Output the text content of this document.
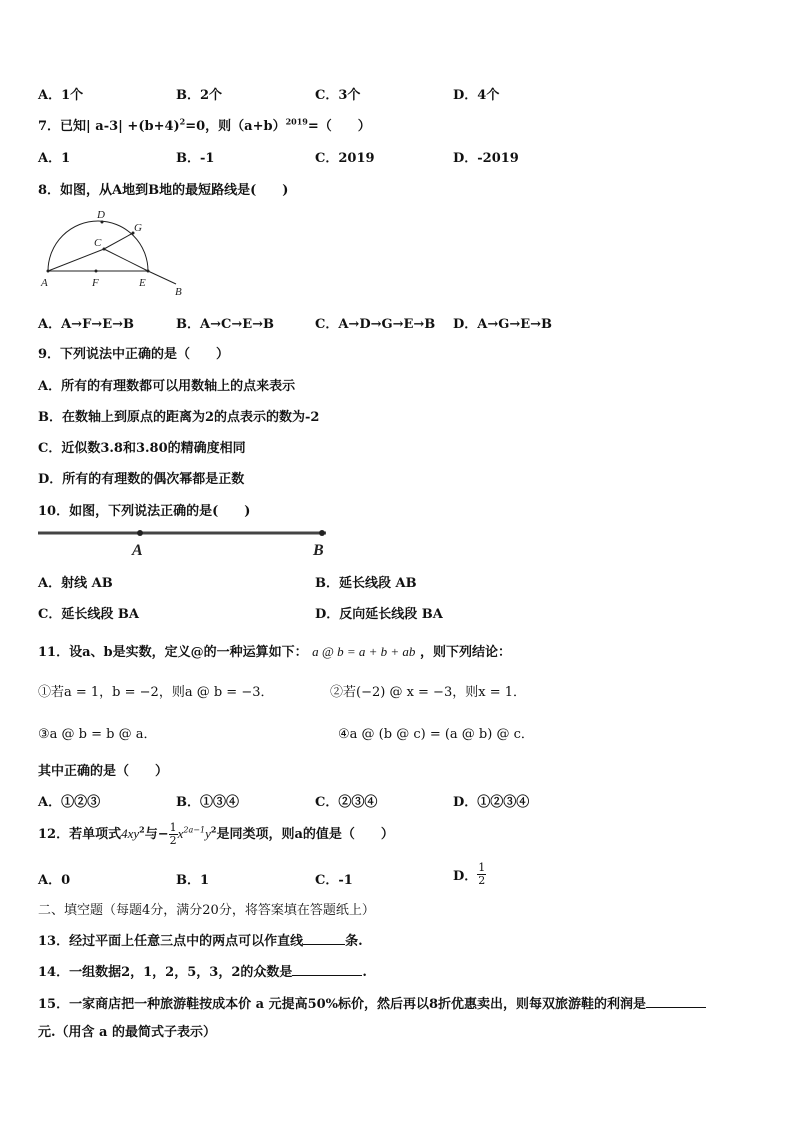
A．1个	B．2个	C．3个	D．4个
7．已知| $a-3| +(b+4)^2=0$，则$(a+b)^{2019}=$（　　）
A．1	B．-1	C．2019	D．-2019
8．如图，从A地到B地的最短路线是(　　)
A	F	E
B
C
D
G
A．A→F→E→B	B．A→C→E→B	C．A→D→G→E→B D．A→G→E→B
9．下列说法中正确的是（　　）
A．所有的有理数都可以用数轴上的点来表示
B．在数轴上到原点的距离为2的点表示的数为-2
C．近似数3.8和3.80的精确度相同
D．所有的有理数的偶次幂都是正数
10．如图，下列说法正确的是(　　)
A	B
A．射线 AB	B．延长线段 AB
C．延长线段 BA	D．反向延长线段 BA
11．设a、b是实数，定义@的一种运算如下： a @ b = a + b + ab ，则下列结论：
①若a = 1，b = −2，则a @ b = −3．	②若(−2) @ x = −3，则x = 1．
③a @ b = b @ a．	④a @ (b @ c) = (a @ b) @ c．
其中正确的是（　　）
A．①②③	B．①③④	C．②③④	D．①②③④
12．若单项式$4xy^2$与− $\frac{1}{2} x^{2a-1}y^2$是同类项，则a的值是（　　）
A．0	B．1	C．-1	D． $\frac{1}{2}$
二、填空题（每题4分，满分20分，将答案填在答题纸上）
13．经过平面上任意三点中的两点可以作直线	条.
14．一组数据2，1，2，5，3，2的众数是	.
15．一家商店把一种旅游鞋按成本价 a 元提高50%标价，然后再以8折优惠卖出，则每双旅游鞋的利润是
元.（用含 a 的最简式子表示）
